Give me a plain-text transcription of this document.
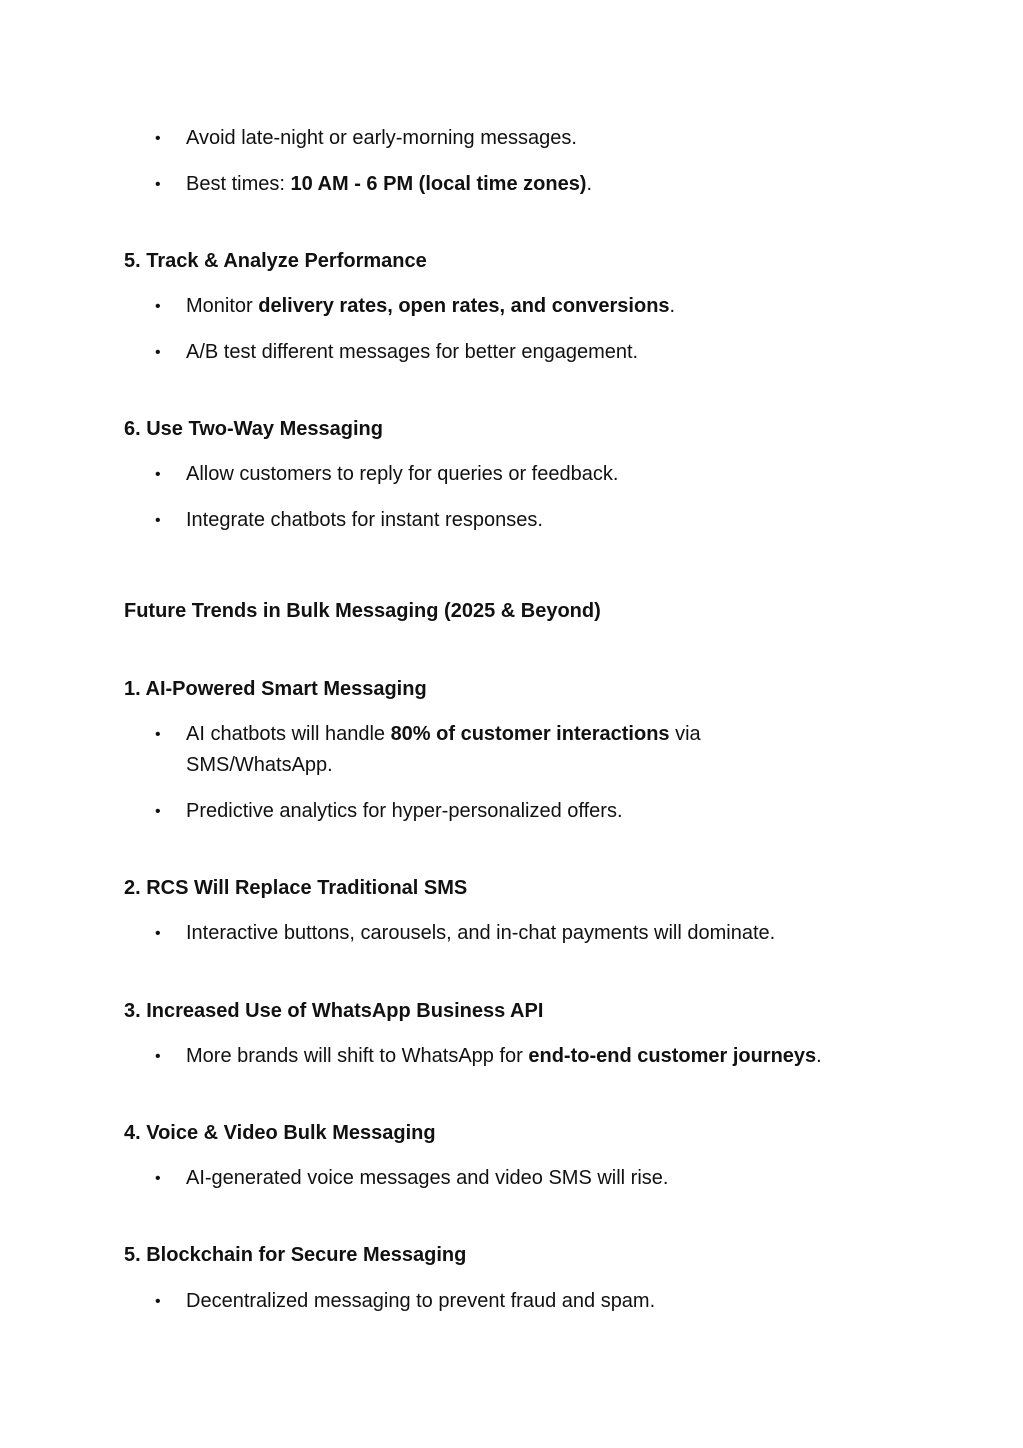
•	Avoid late-night or early-morning messages.
•	Best times: 10 AM - 6 PM (local time zones).
5. Track & Analyze Performance
•	Monitor delivery rates, open rates, and conversions.
•	A/B test different messages for better engagement.
6. Use Two-Way Messaging
•	Allow customers to reply for queries or feedback.
•	Integrate chatbots for instant responses.
Future Trends in Bulk Messaging (2025 & Beyond)
1. AI-Powered Smart Messaging
•	AI chatbots will handle 80% of customer interactions via SMS/WhatsApp.
•	Predictive analytics for hyper-personalized offers.
2. RCS Will Replace Traditional SMS
•	Interactive buttons, carousels, and in-chat payments will dominate.
3. Increased Use of WhatsApp Business API
•	More brands will shift to WhatsApp for end-to-end customer journeys.
4. Voice & Video Bulk Messaging
•	AI-generated voice messages and video SMS will rise.
5. Blockchain for Secure Messaging
•	Decentralized messaging to prevent fraud and spam.
